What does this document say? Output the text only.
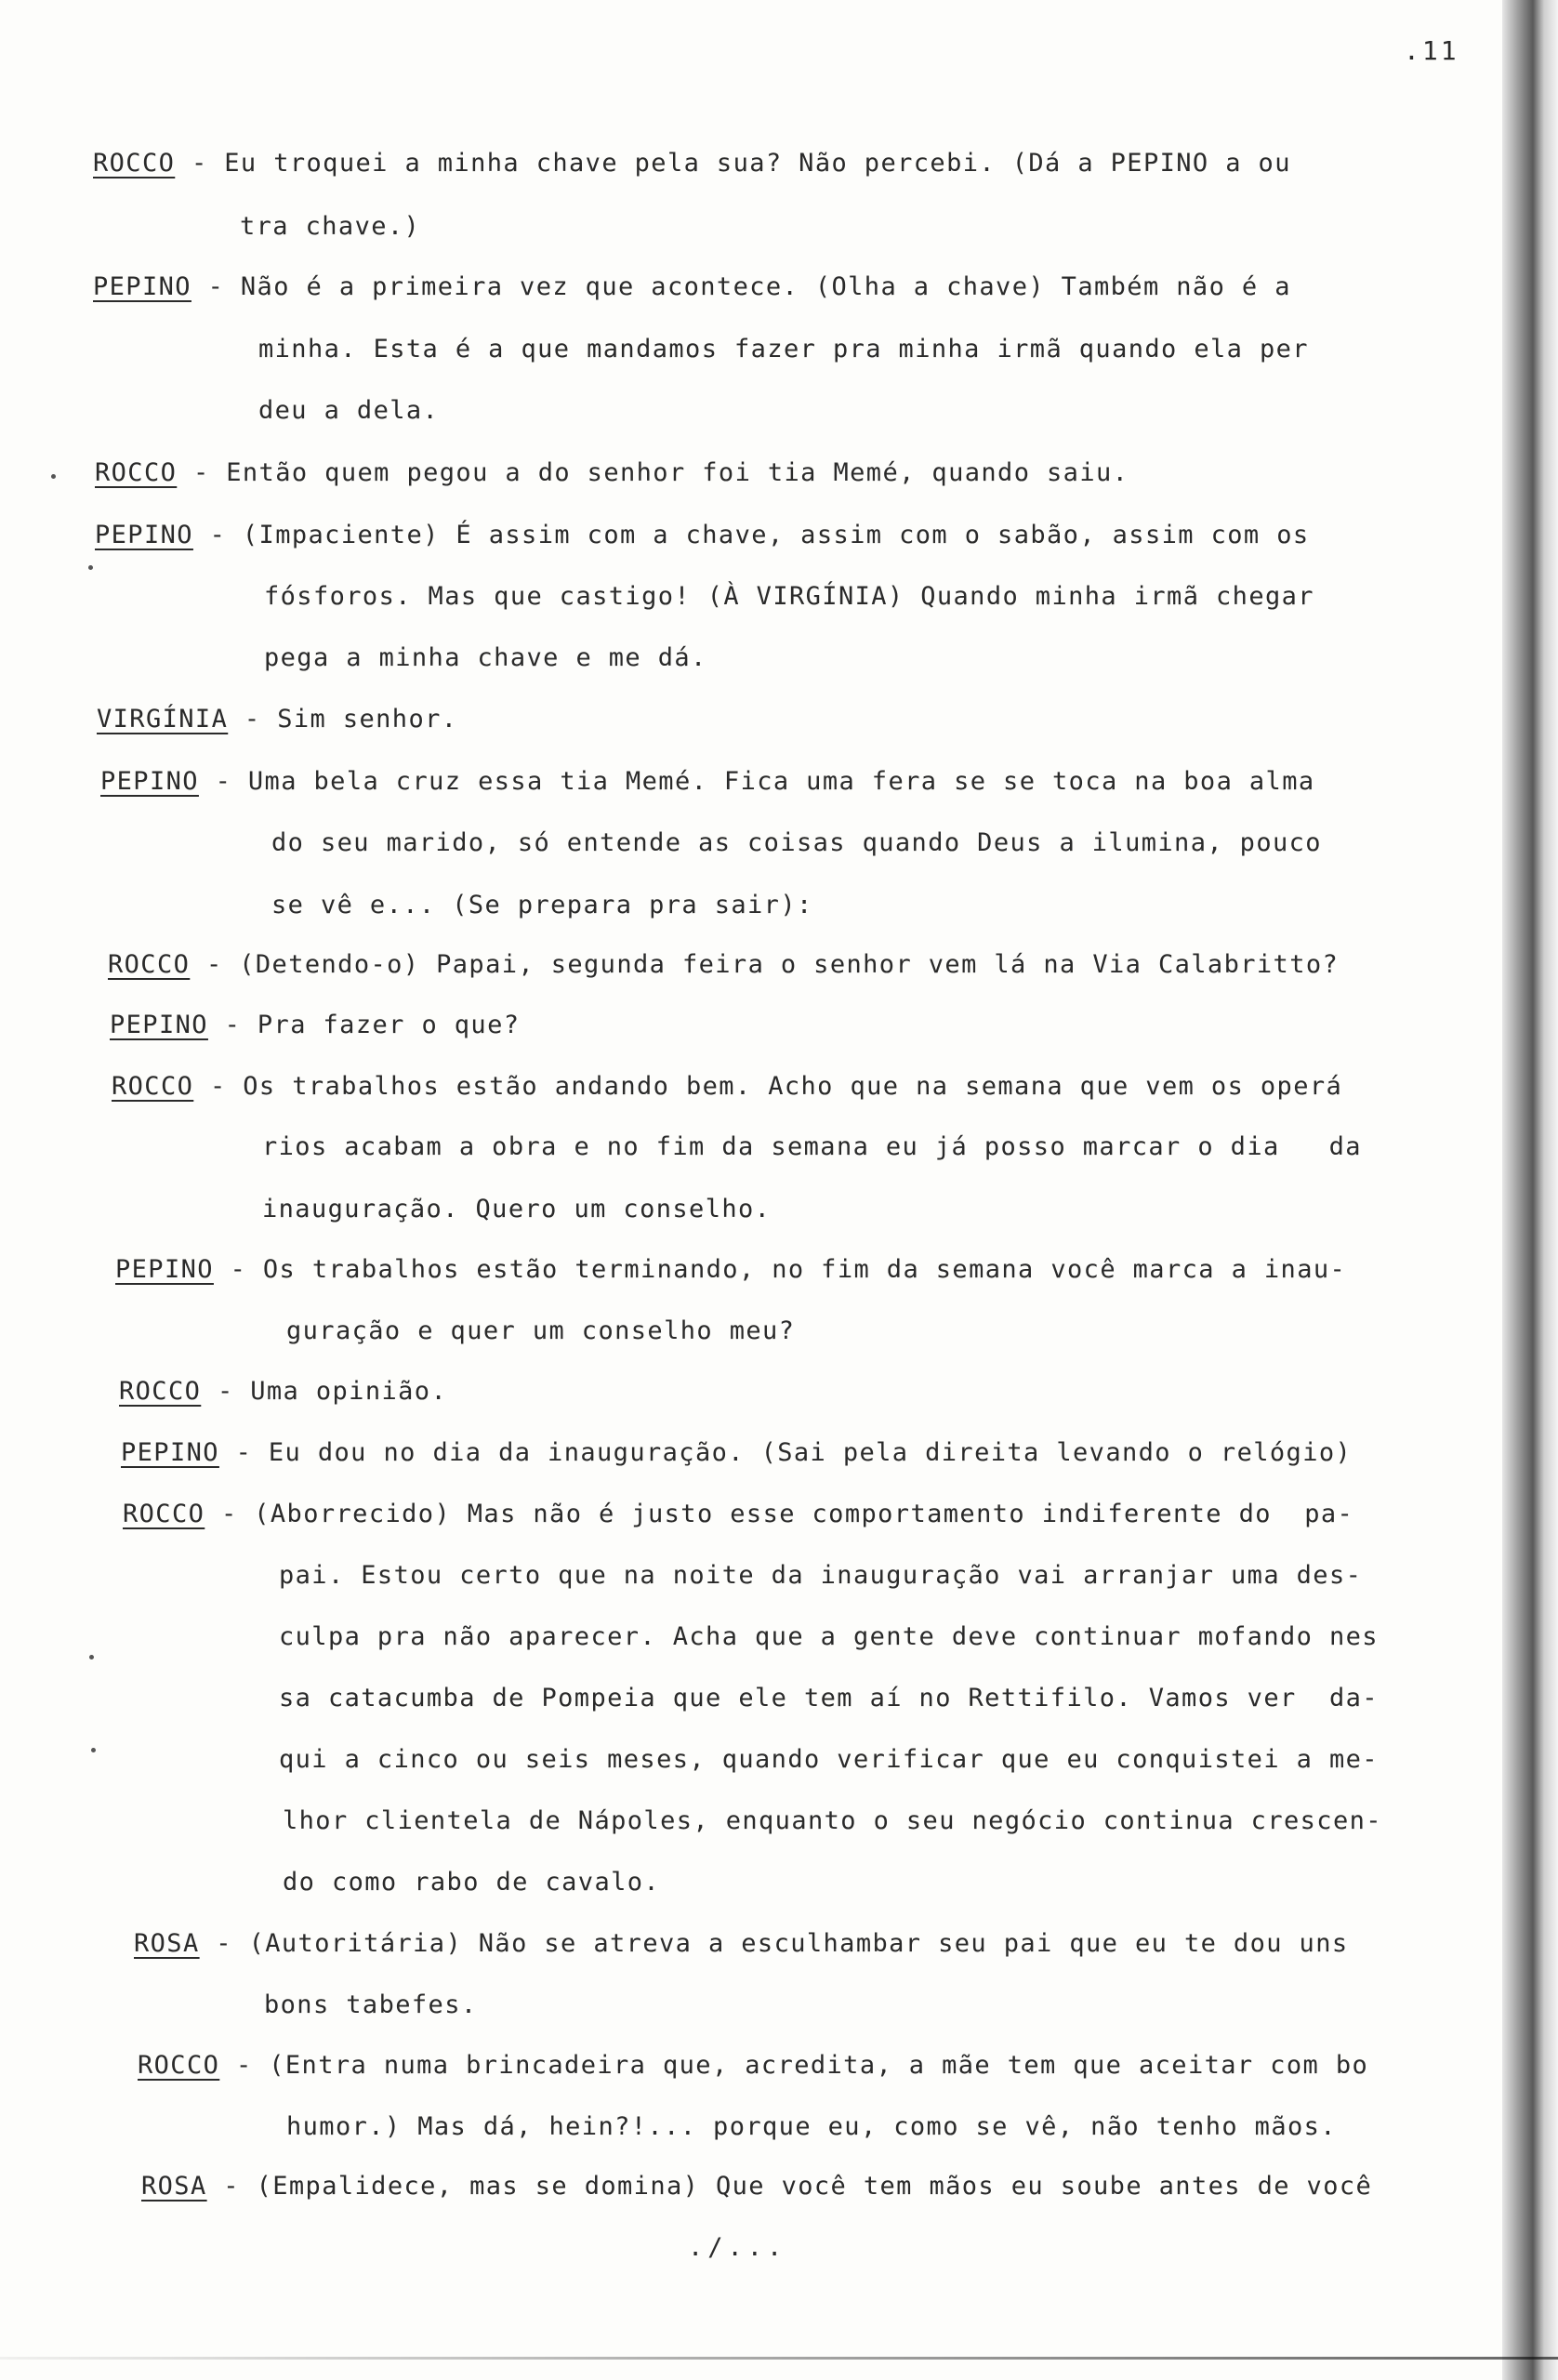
.11
ROCCO - Eu troquei a minha chave pela sua? Não percebi. (Dá a PEPINO a ou
tra chave.)
PEPINO - Não é a primeira vez que acontece. (Olha a chave) Também não é a
minha. Esta é a que mandamos fazer pra minha irmã quando ela per
deu a dela.
ROCCO - Então quem pegou a do senhor foi tia Memé, quando saiu.
PEPINO - (Impaciente) É assim com a chave, assim com o sabão, assim com os
fósforos. Mas que castigo! (À VIRGÍNIA) Quando minha irmã chegar
pega a minha chave e me dá.
VIRGÍNIA - Sim senhor.
PEPINO - Uma bela cruz essa tia Memé. Fica uma fera se se toca na boa alma
do seu marido, só entende as coisas quando Deus a ilumina, pouco
se vê e... (Se prepara pra sair):
ROCCO - (Detendo-o) Papai, segunda feira o senhor vem lá na Via Calabritto?
PEPINO - Pra fazer o que?
ROCCO - Os trabalhos estão andando bem. Acho que na semana que vem os operá
rios acabam a obra e no fim da semana eu já posso marcar o dia   da
inauguração. Quero um conselho.
PEPINO - Os trabalhos estão terminando, no fim da semana você marca a inau-
guração e quer um conselho meu?
ROCCO - Uma opinião.
PEPINO - Eu dou no dia da inauguração. (Sai pela direita levando o relógio)
ROCCO - (Aborrecido) Mas não é justo esse comportamento indiferente do  pa-
pai. Estou certo que na noite da inauguração vai arranjar uma des-
culpa pra não aparecer. Acha que a gente deve continuar mofando nes
sa catacumba de Pompeia que ele tem aí no Rettifilo. Vamos ver  da-
qui a cinco ou seis meses, quando verificar que eu conquistei a me-
lhor clientela de Nápoles, enquanto o seu negócio continua crescen-
do como rabo de cavalo.
ROSA - (Autoritária) Não se atreva a esculhambar seu pai que eu te dou uns
bons tabefes.
ROCCO - (Entra numa brincadeira que, acredita, a mãe tem que aceitar com bo
humor.) Mas dá, hein?!... porque eu, como se vê, não tenho mãos.
ROSA - (Empalidece, mas se domina) Que você tem mãos eu soube antes de você
./...
